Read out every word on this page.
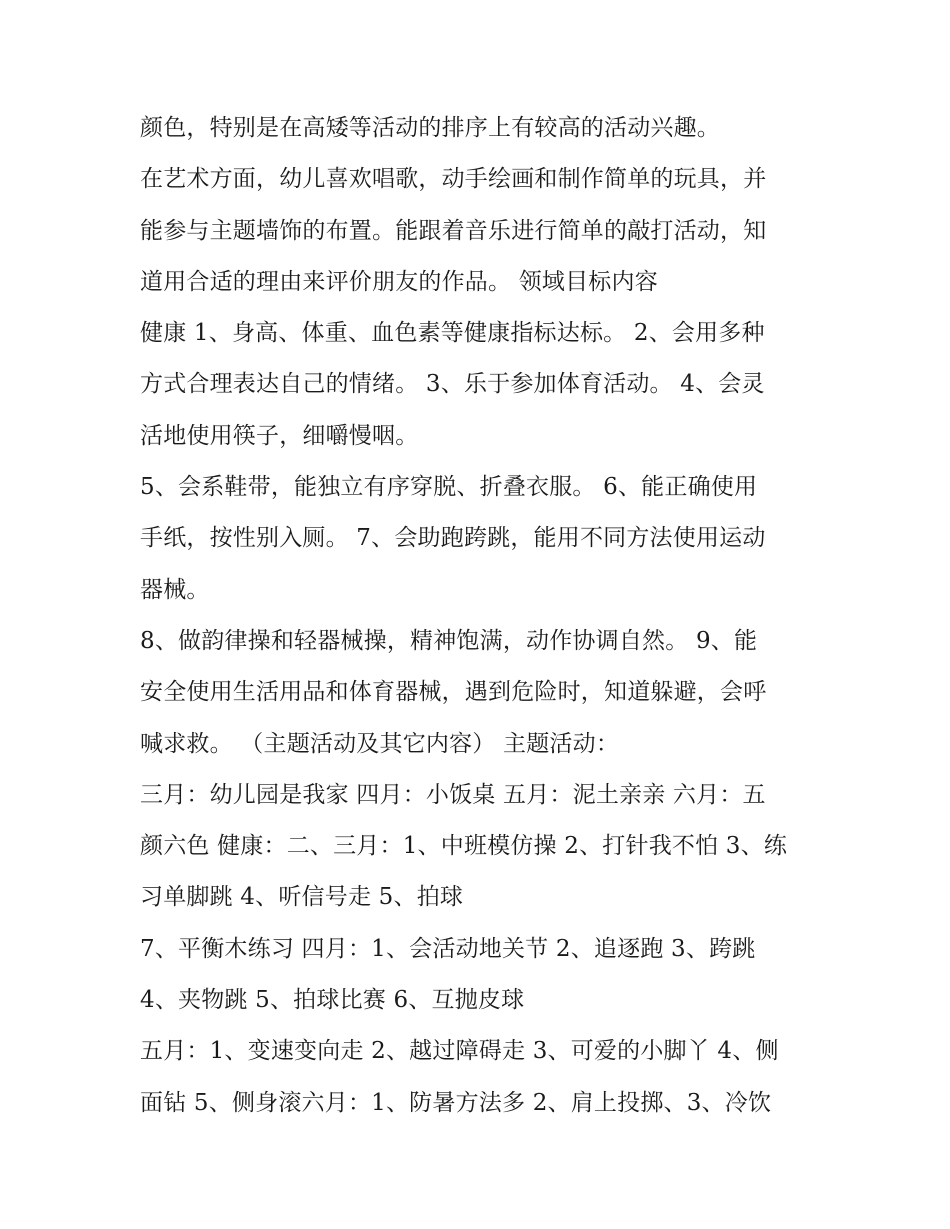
颜色，特别是在高矮等活动的排序上有较高的活动兴趣。
在艺术方面，幼儿喜欢唱歌，动手绘画和制作简单的玩具，并
能参与主题墙饰的布置。能跟着音乐进行简单的敲打活动，知
道用合适的理由来评价朋友的作品。 领域目标内容
健康 1、身高、体重、血色素等健康指标达标。 2、会用多种
方式合理表达自己的情绪。 3、乐于参加体育活动。 4、会灵
活地使用筷子，细嚼慢咽。
5、会系鞋带，能独立有序穿脱、折叠衣服。 6、能正确使用
手纸，按性别入厕。 7、会助跑跨跳，能用不同方法使用运动
器械。
8、做韵律操和轻器械操，精神饱满，动作协调自然。 9、能
安全使用生活用品和体育器械，遇到危险时，知道躲避，会呼
喊求救。 （主题活动及其它内容） 主题活动：
三月：幼儿园是我家 四月：小饭桌 五月：泥土亲亲 六月：五
颜六色 健康：二、三月：1、中班模仿操 2、打针我不怕 3、练
习单脚跳 4、听信号走 5、拍球
7、平衡木练习 四月：1、会活动地关节 2、追逐跑 3、跨跳
4、夹物跳 5、拍球比赛 6、互抛皮球
五月：1、变速变向走 2、越过障碍走 3、可爱的小脚丫 4、侧
面钻 5、侧身滚六月：1、防暑方法多 2、肩上投掷、3、冷饮
